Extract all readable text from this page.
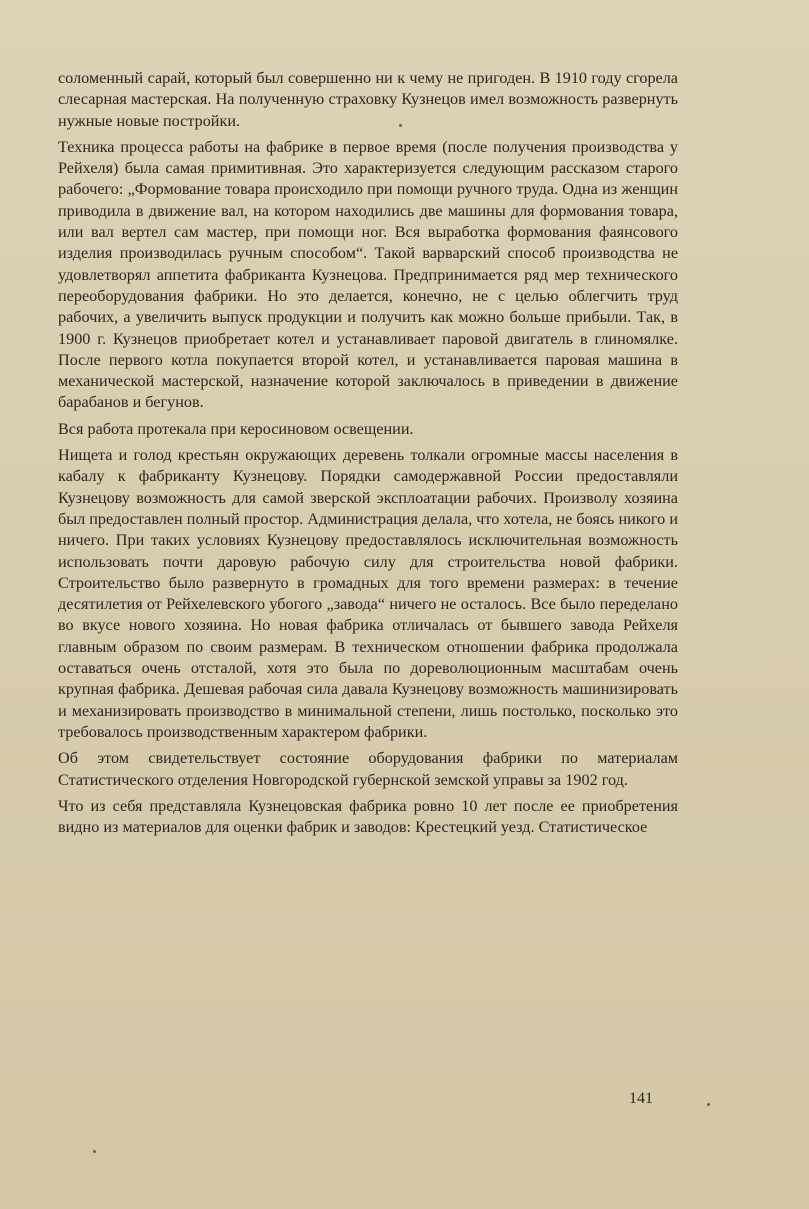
соломенный сарай, который был совершенно ни к чему не пригоден. В 1910 году сгорела слесарная мастерская. На полученную страховку Кузнецов имел возможность развернуть нужные новые постройки.

Техника процесса работы на фабрике в первое время (после получения производства у Рейхеля) была самая примитивная. Это характеризуется следующим рассказом старого рабочего: „Формование товара происходило при помощи ручного труда. Одна из женщин приводила в движение вал, на котором находились две машины для формования товара, или вал вертел сам мастер, при помощи ног. Вся выработка формования фаянсового изделия производилась ручным способом“. Такой варварский способ производства не удовлетворял аппетита фабриканта Кузнецова. Предпринимается ряд мер технического переоборудования фабрики. Но это делается, конечно, не с целью облегчить труд рабочих, а увеличить выпуск продукции и получить как можно больше прибыли. Так, в 1900 г. Кузнецов приобретает котел и устанавливает паровой двигатель в глиномялке. После первого котла покупается второй котел, и устанавливается паровая машина в механической мастерской, назначение которой заключалось в приведении в движение барабанов и бегунов.

Вся работа протекала при керосиновом освещении.

Нищета и голод крестьян окружающих деревень толкали огромные массы населения в кабалу к фабриканту Кузнецову. Порядки самодержавной России предоставляли Кузнецову возможность для самой зверской эксплоатации рабочих. Произволу хозяина был предоставлен полный простор. Администрация делала, что хотела, не боясь никого и ничего. При таких условиях Кузнецову предоставлялось исключительная возможность использовать почти даровую рабочую силу для строительства новой фабрики. Строительство было развернуто в громадных для того времени размерах: в течение десятилетия от Рейхелевского убогого „завода“ ничего не осталось. Все было переделано во вкусе нового хозяина. Но новая фабрика отличалась от бывшего завода Рейхеля главным образом по своим размерам. В техническом отношении фабрика продолжала оставаться очень отсталой, хотя это была по дореволюционным масштабам очень крупная фабрика. Дешевая рабочая сила давала Кузнецову возможность машинизировать и механизировать производство в минимальной степени, лишь постолько, посколько это требовалось производственным характером фабрики.

Об этом свидетельствует состояние оборудования фабрики по материалам Статистического отделения Новгородской губернской земской управы за 1902 год.

Что из себя представляла Кузнецовская фабрика ровно 10 лет после ее приобретения видно из материалов для оценки фабрик и заводов: Крестецкий уезд. Статистическое

141
